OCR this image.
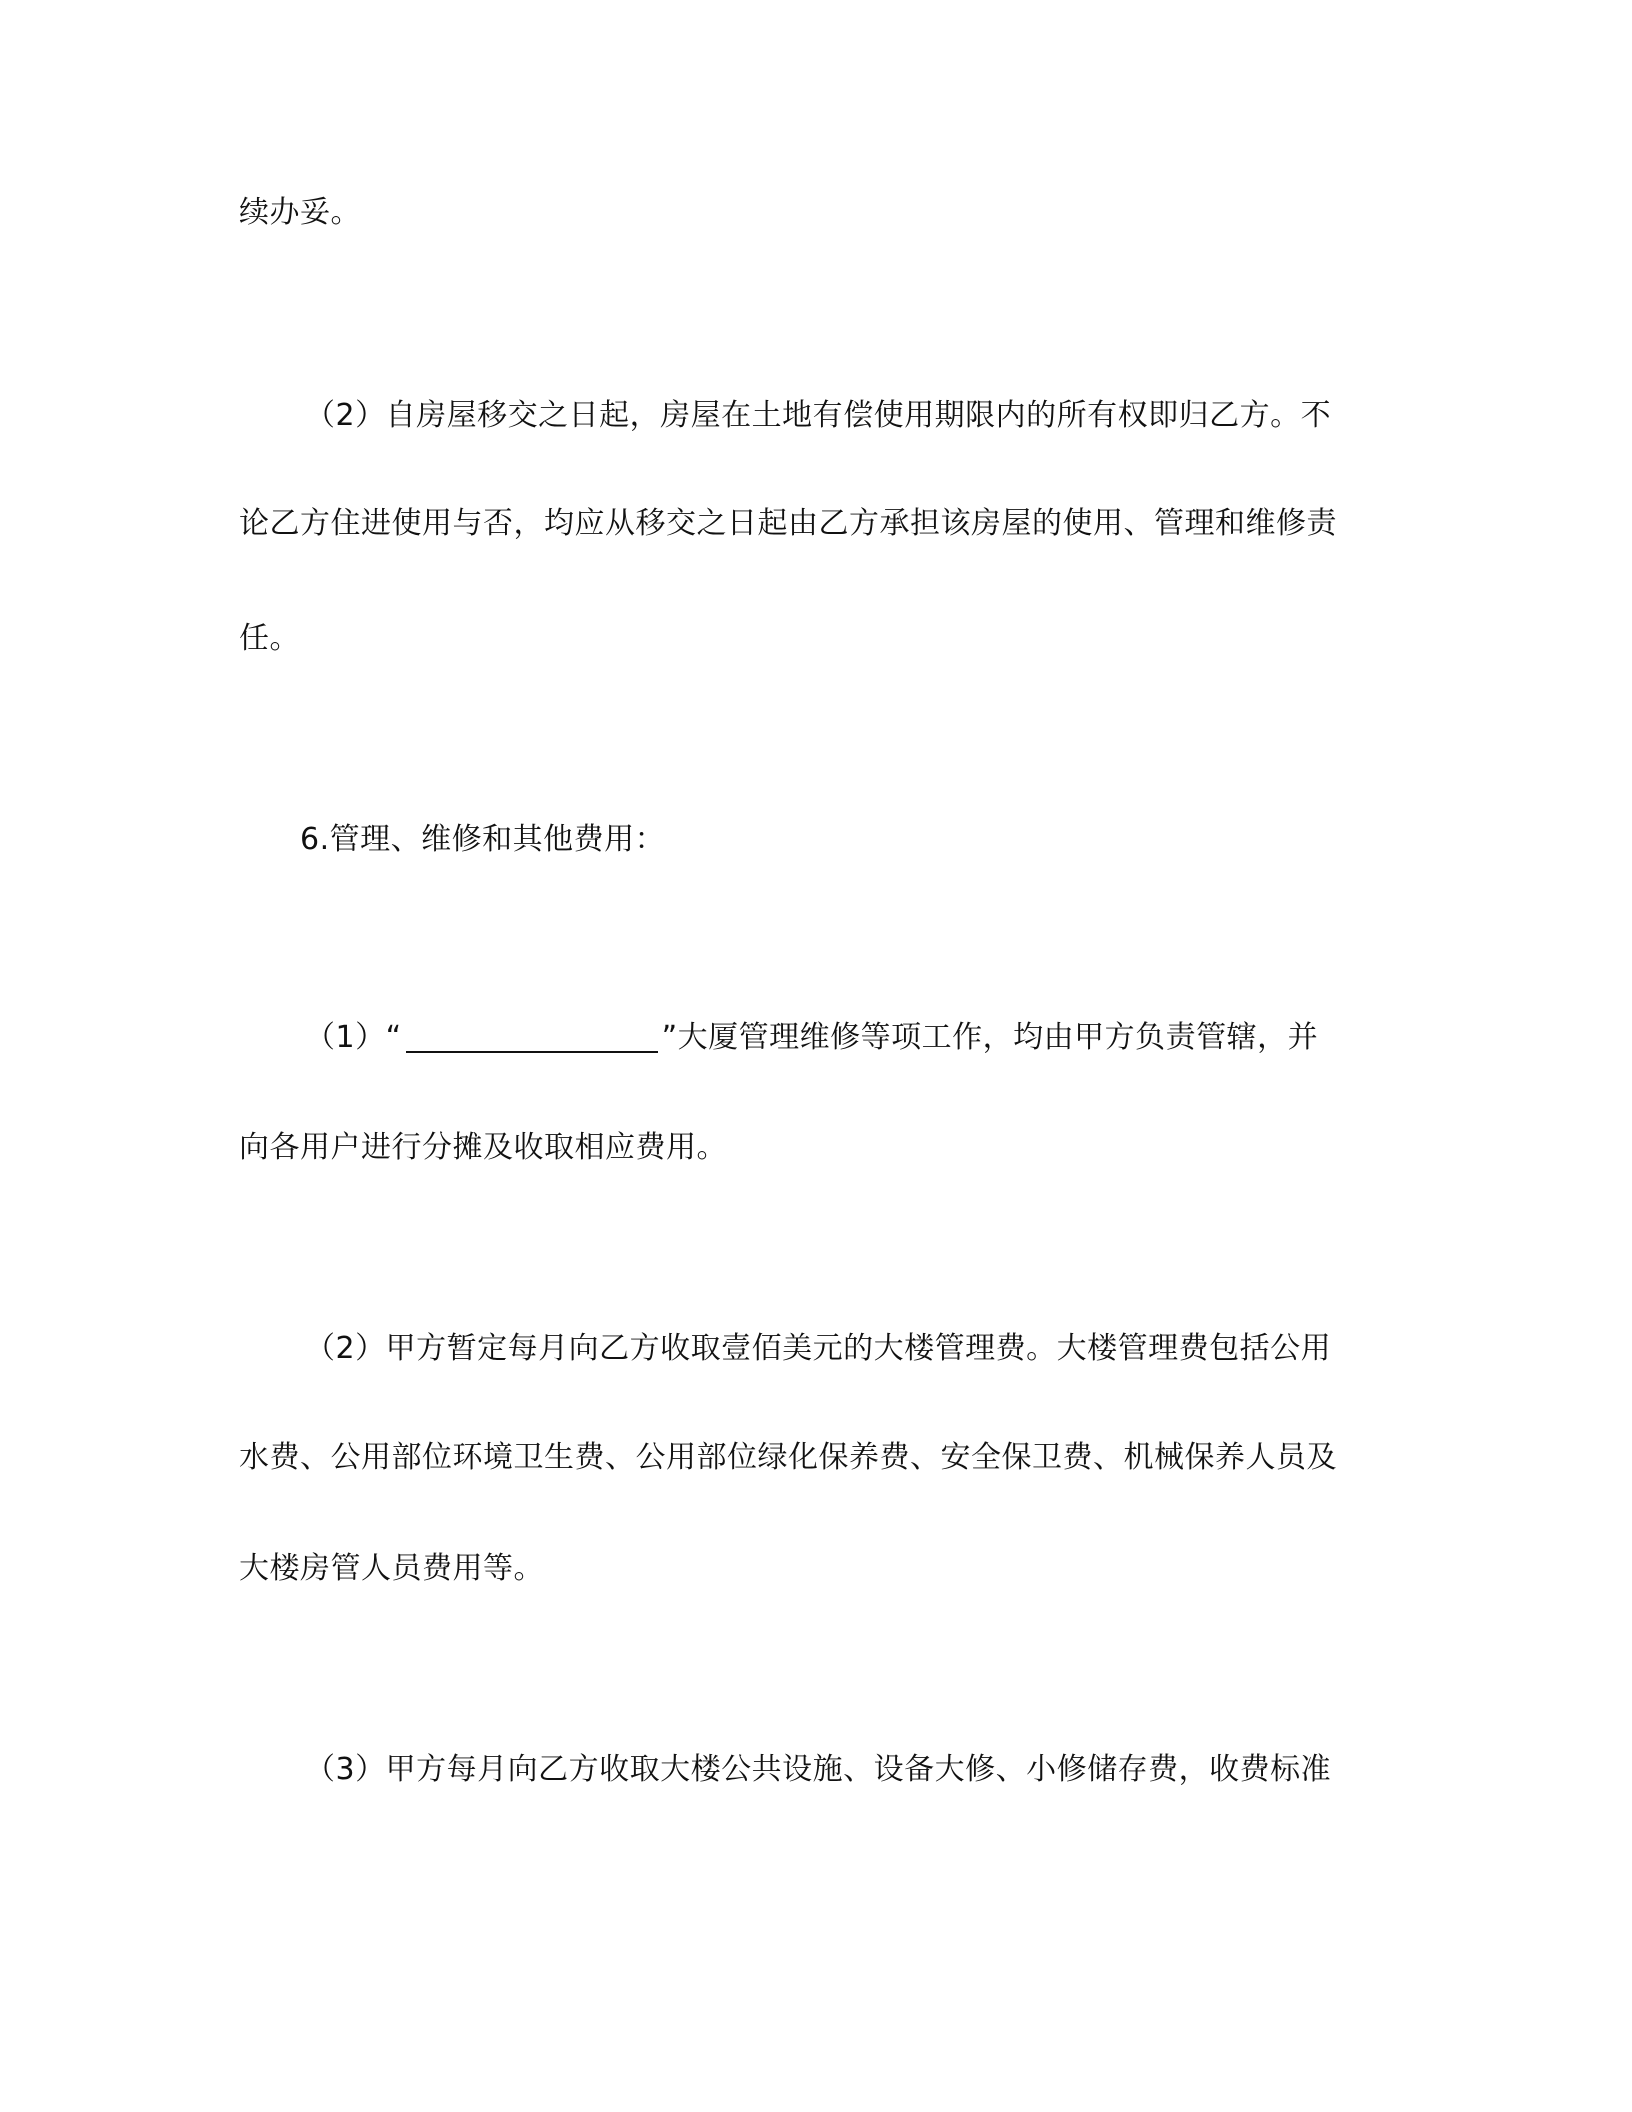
续办妥。
（2）自房屋移交之日起，房屋在土地有偿使用期限内的所有权即归乙方。不
论乙方住进使用与否，均应从移交之日起由乙方承担该房屋的使用、管理和维修责
任。
6.管理、维修和其他费用：
（1）“	”大厦管理维修等项工作，均由甲方负责管辖，并
向各用户进行分摊及收取相应费用。
（2）甲方暂定每月向乙方收取壹佰美元的大楼管理费。大楼管理费包括公用
水费、公用部位环境卫生费、公用部位绿化保养费、安全保卫费、机械保养人员及
大楼房管人员费用等。
（3）甲方每月向乙方收取大楼公共设施、设备大修、小修储存费，收费标准
